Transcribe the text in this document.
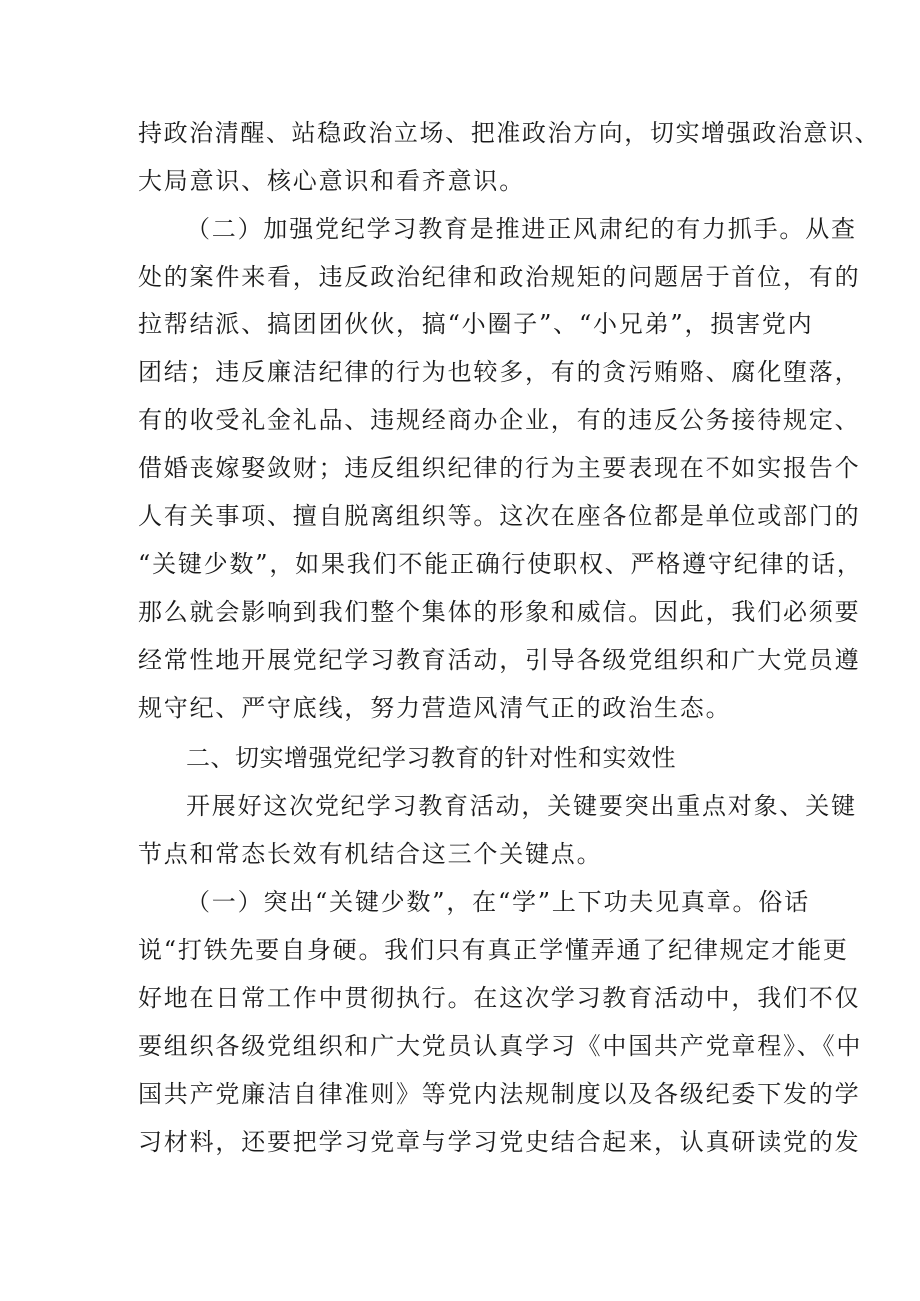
持政治清醒、站稳政治立场、把准政治方向，切实增强政治意识、
大局意识、核心意识和看齐意识。
（二）加强党纪学习教育是推进正风肃纪的有力抓手。从查
处的案件来看，违反政治纪律和政治规矩的问题居于首位，有的
拉帮结派、搞团团伙伙，搞“小圈子”、“小兄弟”，损害党内
团结；违反廉洁纪律的行为也较多，有的贪污贿赂、腐化堕落，
有的收受礼金礼品、违规经商办企业，有的违反公务接待规定、
借婚丧嫁娶敛财；违反组织纪律的行为主要表现在不如实报告个
人有关事项、擅自脱离组织等。这次在座各位都是单位或部门的
“关键少数”，如果我们不能正确行使职权、严格遵守纪律的话，
那么就会影响到我们整个集体的形象和威信。因此，我们必须要
经常性地开展党纪学习教育活动，引导各级党组织和广大党员遵
规守纪、严守底线，努力营造风清气正的政治生态。
二、切实增强党纪学习教育的针对性和实效性
开展好这次党纪学习教育活动，关键要突出重点对象、关键
节点和常态长效有机结合这三个关键点。
（一）突出“关键少数”，在“学”上下功夫见真章。俗话
说“打铁先要自身硬。我们只有真正学懂弄通了纪律规定才能更
好地在日常工作中贯彻执行。在这次学习教育活动中，我们不仅
要组织各级党组织和广大党员认真学习《中国共产党章程》、《中
国共产党廉洁自律准则》等党内法规制度以及各级纪委下发的学
习材料，还要把学习党章与学习党史结合起来，认真研读党的发
